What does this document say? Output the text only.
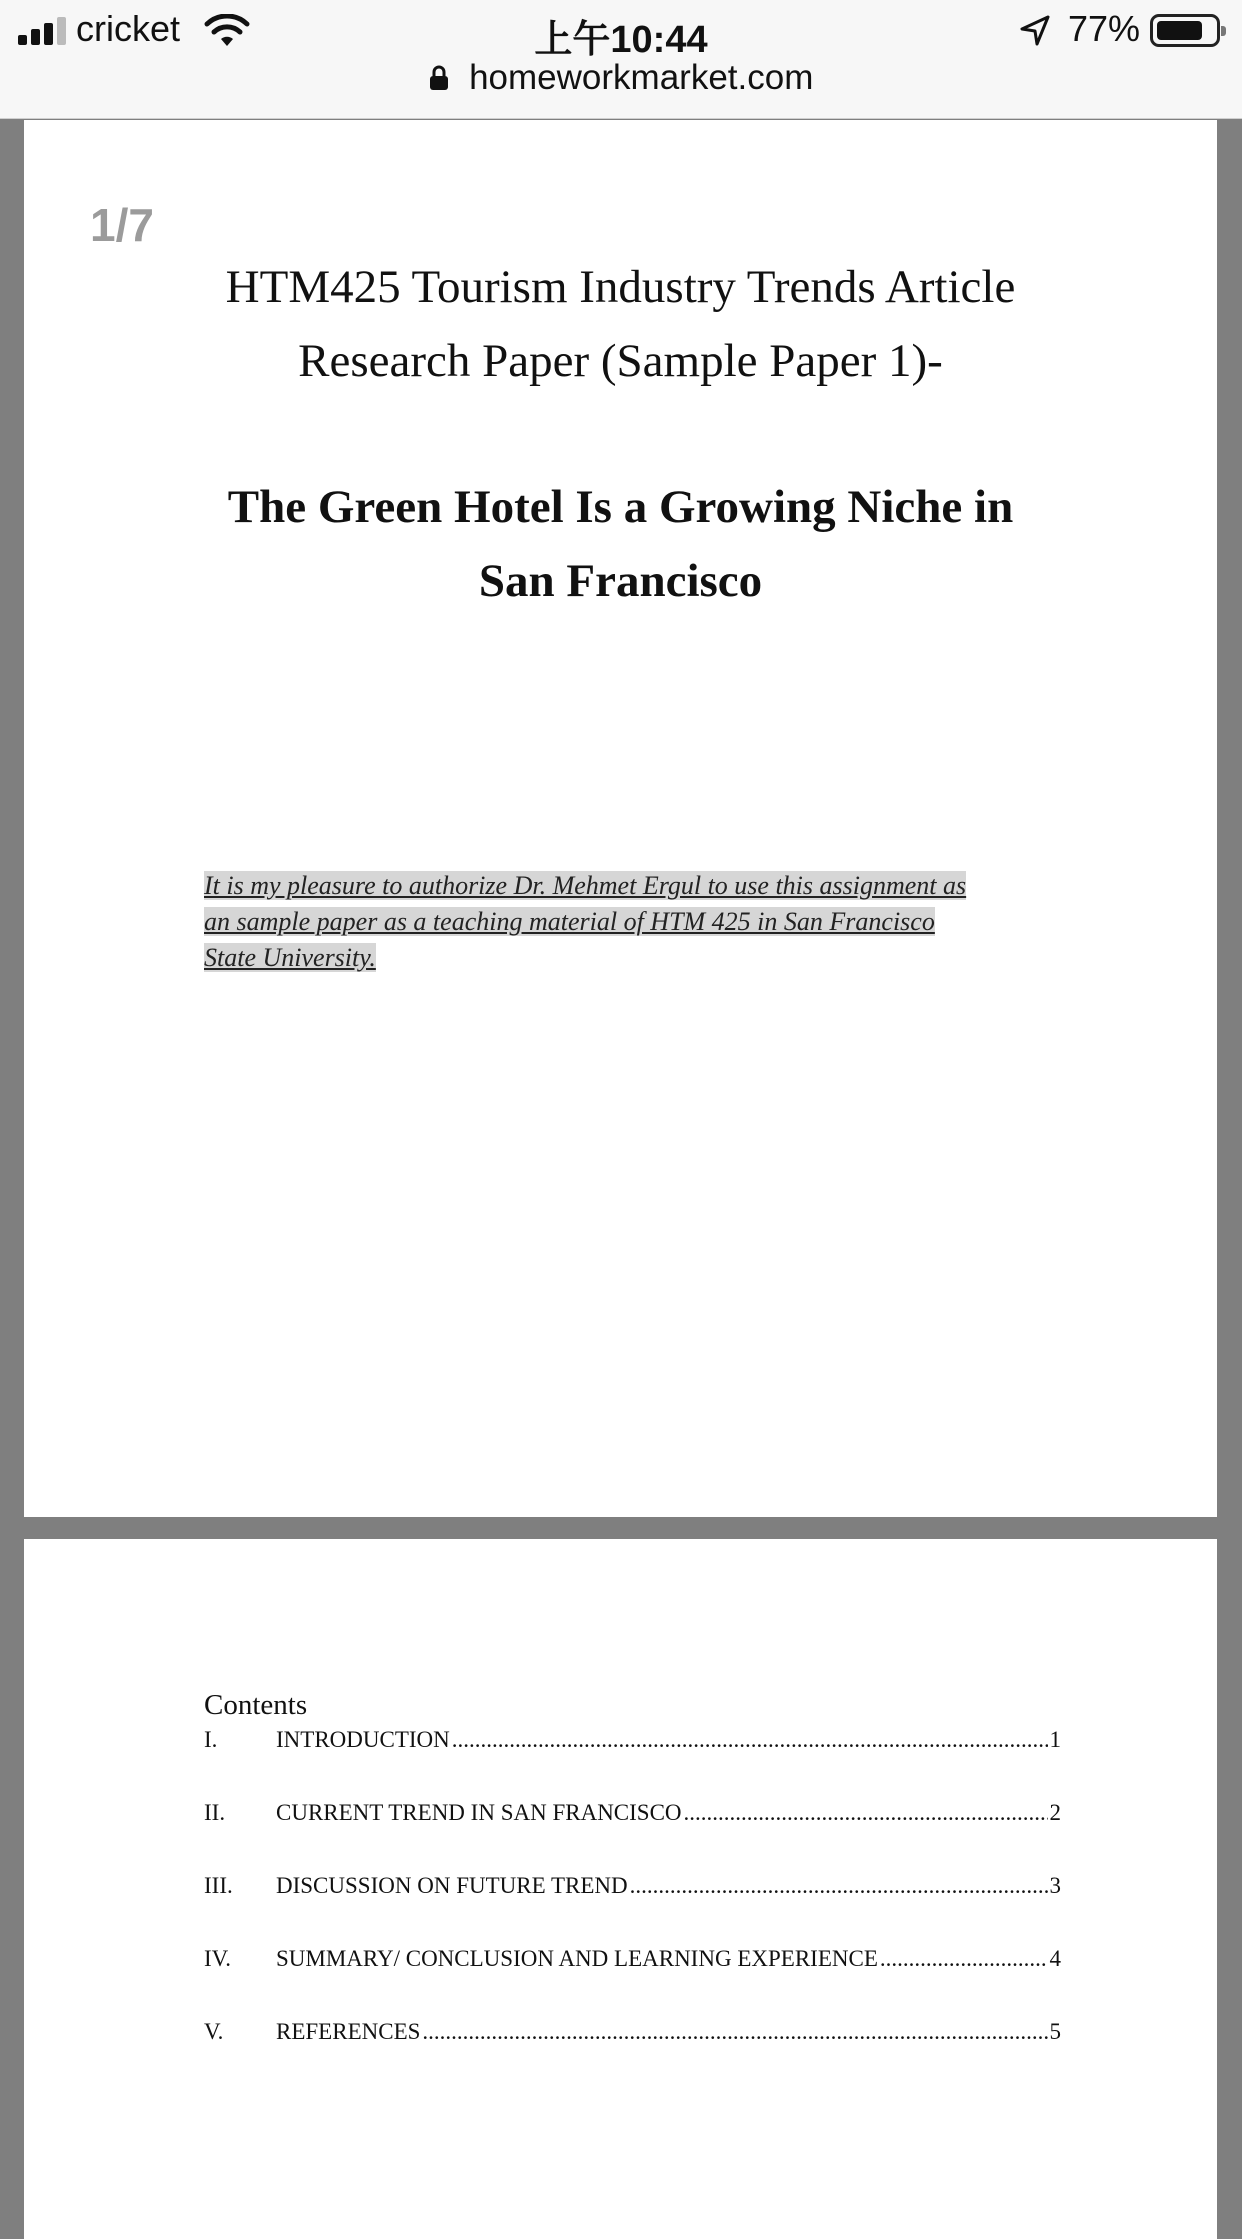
cricket	上午10:44	77%
homeworkmarket.com
1/7
HTM425 Tourism Industry Trends Article
Research Paper (Sample Paper 1)-
The Green Hotel Is a Growing Niche in
San Francisco
It is my pleasure to authorize Dr. Mehmet Ergul to use this assignment as
an sample paper as a teaching material of HTM 425 in San Francisco
State University.
Contents
I.	INTRODUCTION .....	1
II. CURRENT TREND IN SAN FRANCISCO .....	2
III. DISCUSSION ON FUTURE TREND .....	3
IV. SUMMARY/ CONCLUSION AND LEARNING EXPERIENCE .....	4
V. REFERENCES .....	5
